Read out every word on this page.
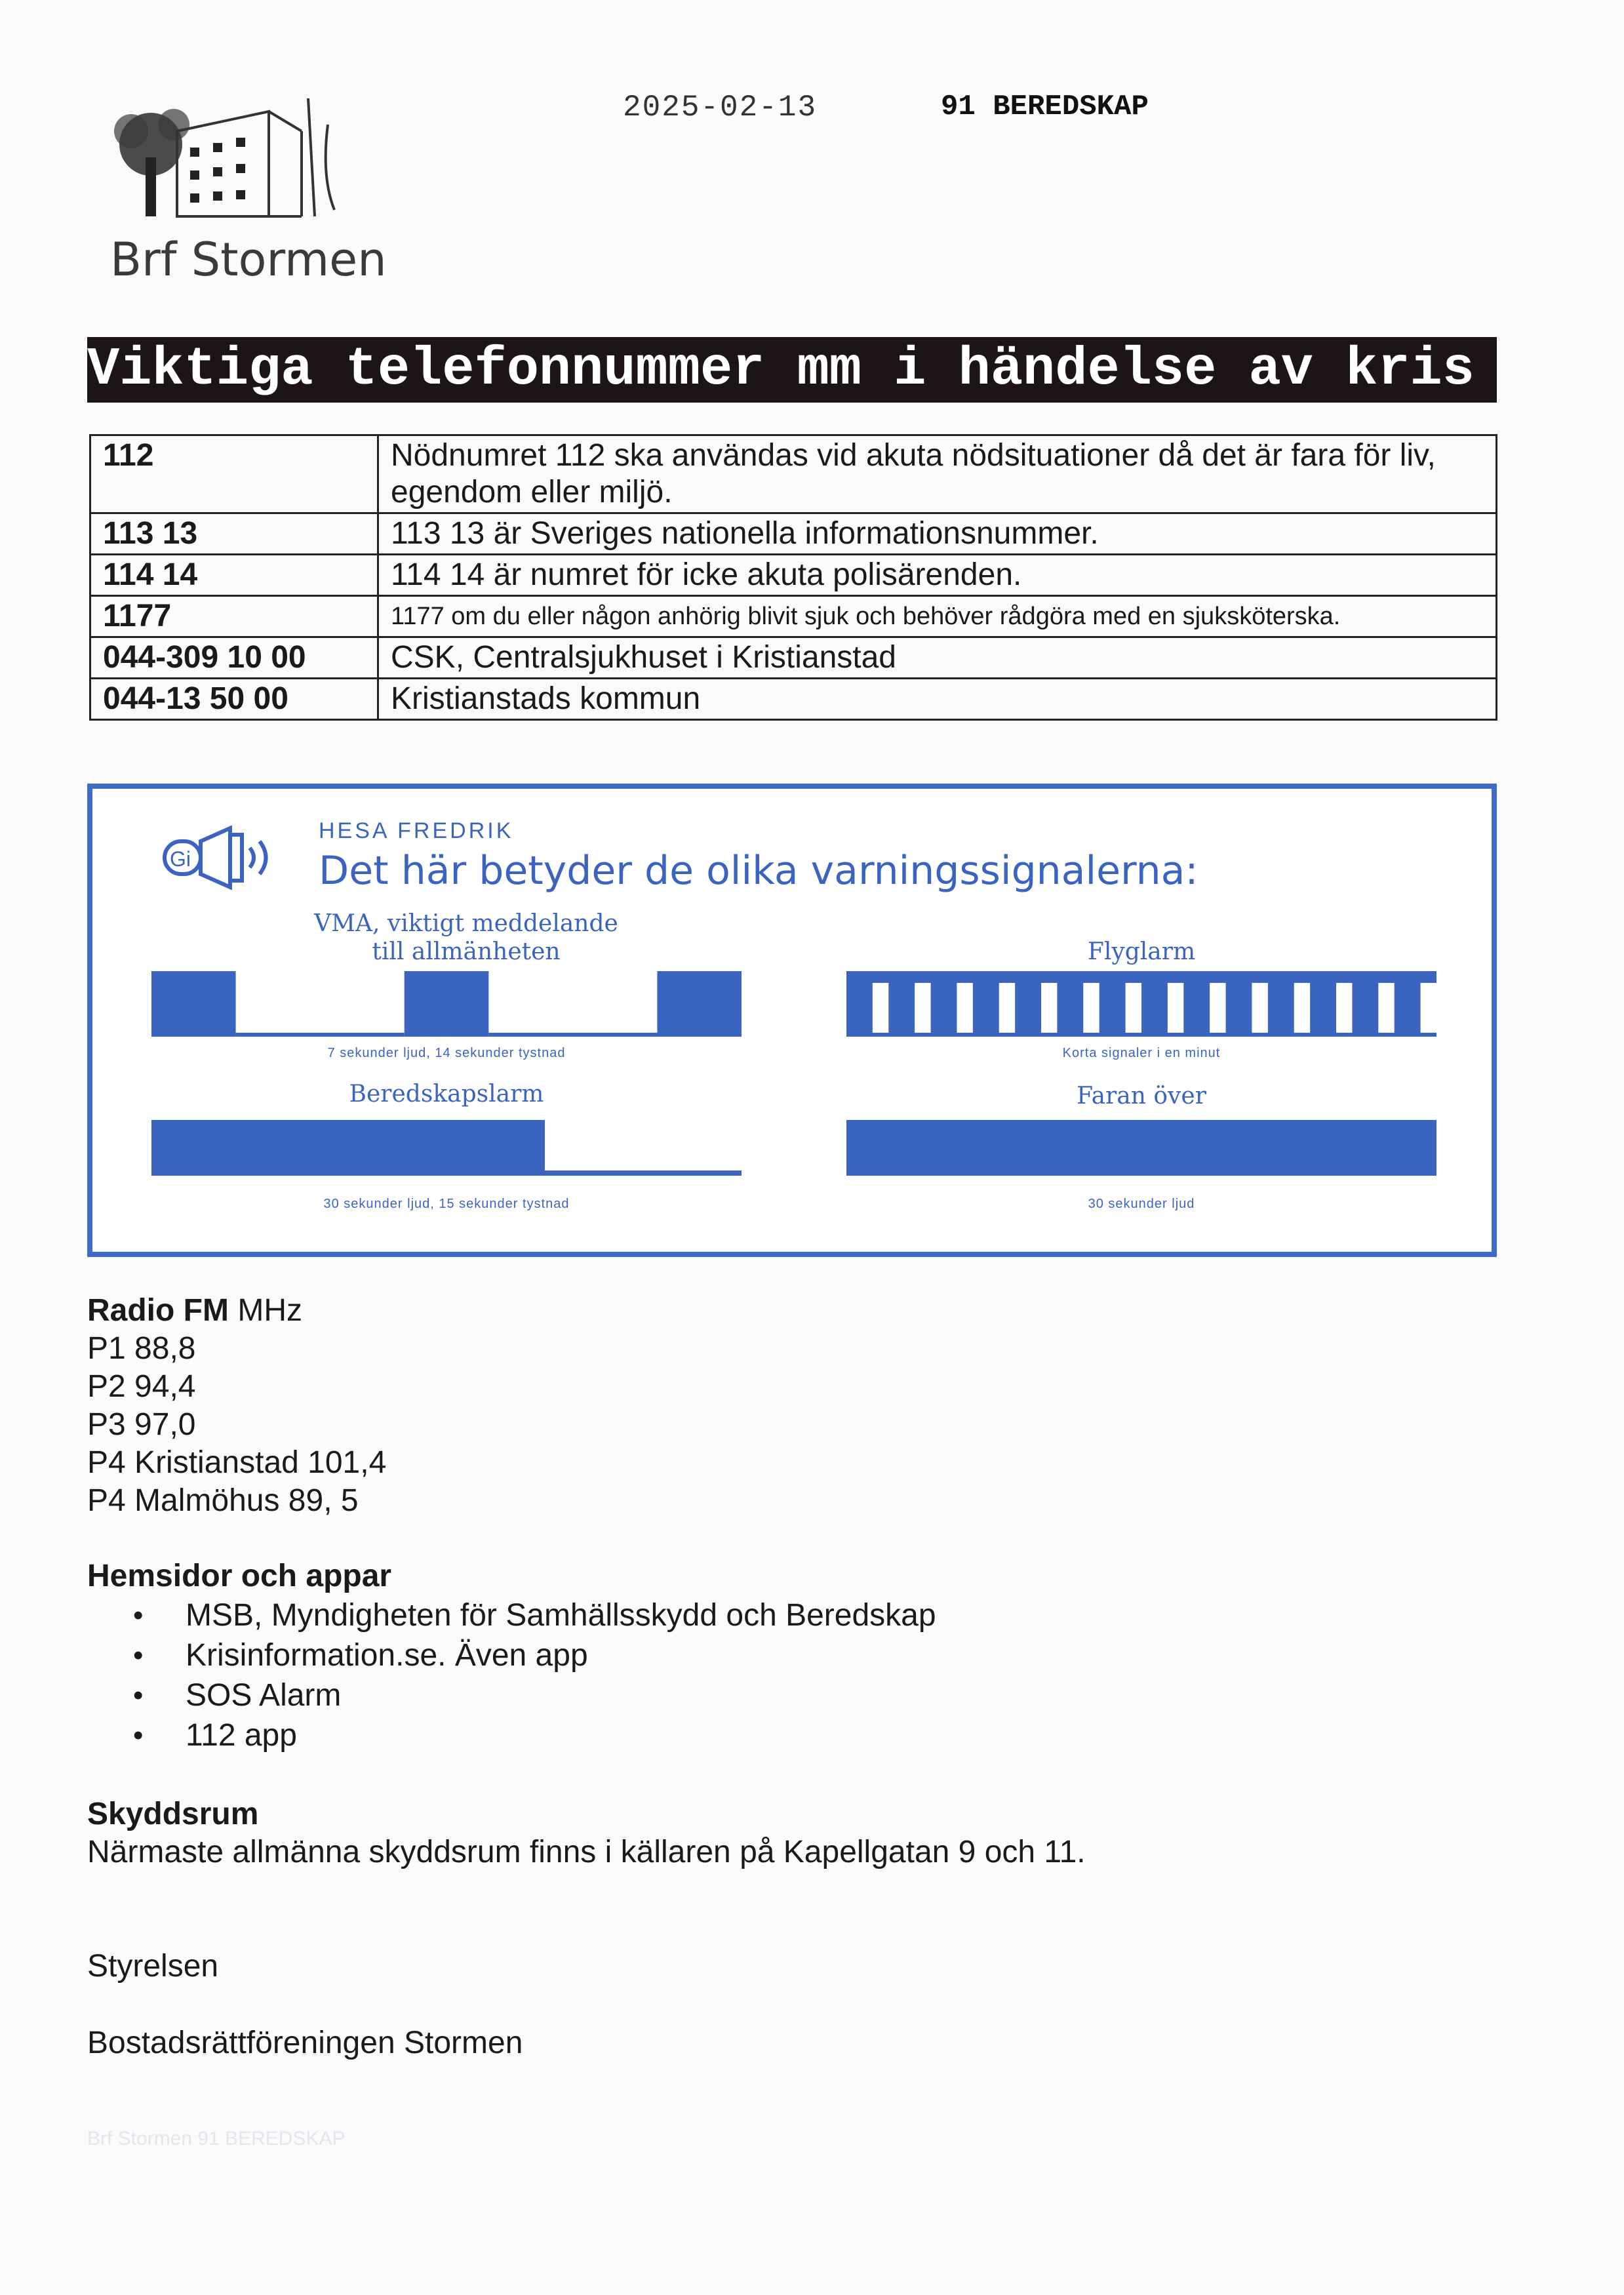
Brf Stormen
2025-02-13	91 BEREDSKAP
Viktiga telefonnummer mm i händelse av kris
112	Nödnumret 112 ska användas vid akuta nödsituationer då det är fara för liv, egendom eller miljö.
113 13	113 13 är Sveriges nationella informationsnummer.
114 14	114 14 är numret för icke akuta polisärenden.
1177	1177 om du eller någon anhörig blivit sjuk och behöver rådgöra med en sjuksköterska.
044-309 10 00	CSK, Centralsjukhuset i Kristianstad
044-13 50 00	Kristianstads kommun
Gi
HESA FREDRIK
Det här betyder de olika varningssignalerna:
VMA, viktigt meddelande
till allmänheten
7 sekunder ljud, 14 sekunder tystnad
Flyglarm
Korta signaler i en minut
Beredskapslarm
30 sekunder ljud, 15 sekunder tystnad
Faran över
30 sekunder ljud
Radio FM MHz
P1 88,8
P2 94,4
P3 97,0
P4 Kristianstad 101,4
P4 Malmöhus 89, 5
Hemsidor och appar
• MSB, Myndigheten för Samhällsskydd och Beredskap
• Krisinformation.se. Även app
• SOS Alarm
• 112 app
Skyddsrum
Närmaste allmänna skyddsrum finns i källaren på Kapellgatan 9 och 11.
Styrelsen
Bostadsrättföreningen Stormen
Brf Stormen 91 BEREDSKAP
